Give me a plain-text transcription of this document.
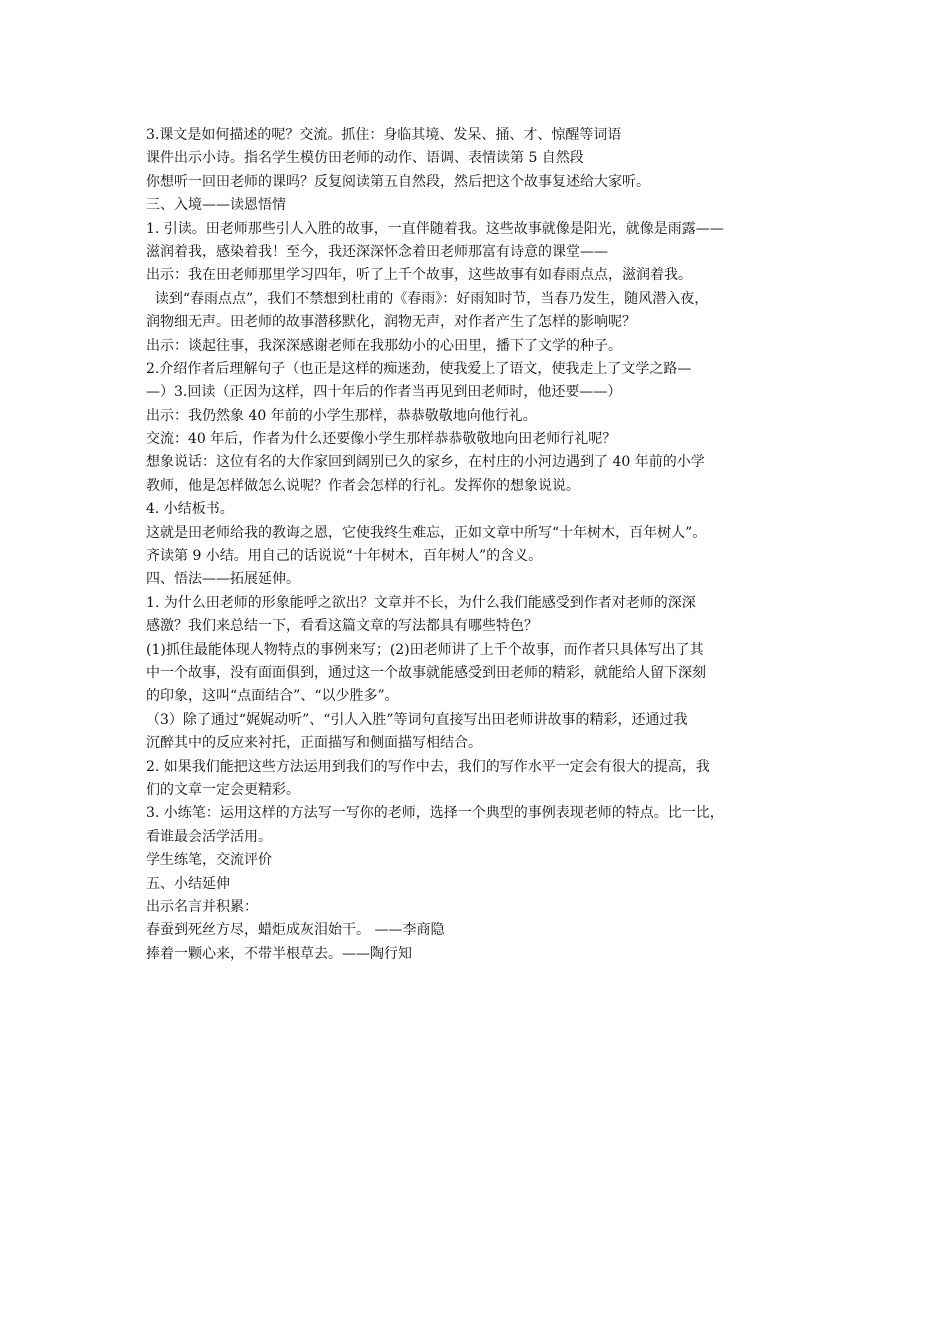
3.课文是如何描述的呢？交流。抓住：身临其境、发呆、捅、才、惊醒等词语
课件出示小诗。指名学生模仿田老师的动作、语调、表情读第 5 自然段
你想听一回田老师的课吗？反复阅读第五自然段，然后把这个故事复述给大家听。
三、入境——读恩悟情
1. 引读。田老师那些引人入胜的故事，一直伴随着我。这些故事就像是阳光，就像是雨露——
滋润着我，感染着我！至今，我还深深怀念着田老师那富有诗意的课堂——
出示：我在田老师那里学习四年，听了上千个故事，这些故事有如春雨点点，滋润着我。
读到“春雨点点”，我们不禁想到杜甫的《春雨》：好雨知时节，当春乃发生，随风潜入夜，
润物细无声。田老师的故事潜移默化，润物无声，对作者产生了怎样的影响呢？
出示：谈起往事，我深深感谢老师在我那幼小的心田里，播下了文学的种子。
2.介绍作者后理解句子（也正是这样的痴迷劲，使我爱上了语文，使我走上了文学之路—
—）3.回读（正因为这样，四十年后的作者当再见到田老师时，他还要——）
出示：我仍然象 40 年前的小学生那样，恭恭敬敬地向他行礼。
交流：40 年后，作者为什么还要像小学生那样恭恭敬敬地向田老师行礼呢？
想象说话：这位有名的大作家回到阔别已久的家乡，在村庄的小河边遇到了 40 年前的小学
教师，他是怎样做怎么说呢？作者会怎样的行礼。发挥你的想象说说。
4. 小结板书。
这就是田老师给我的教诲之恩，它使我终生难忘，正如文章中所写“十年树木，百年树人”。
齐读第 9 小结。用自己的话说说“十年树木，百年树人”的含义。
四、悟法——拓展延伸。
1. 为什么田老师的形象能呼之欲出？文章并不长，为什么我们能感受到作者对老师的深深
感激？我们来总结一下，看看这篇文章的写法都具有哪些特色？
(1)抓住最能体现人物特点的事例来写；(2)田老师讲了上千个故事，而作者只具体写出了其
中一个故事，没有面面俱到，通过这一个故事就能感受到田老师的精彩，就能给人留下深刻
的印象，这叫“点面结合”、“以少胜多”。
（3）除了通过“娓娓动听”、“引人入胜”等词句直接写出田老师讲故事的精彩，还通过我
沉醉其中的反应来衬托，正面描写和侧面描写相结合。
2. 如果我们能把这些方法运用到我们的写作中去，我们的写作水平一定会有很大的提高，我
们的文章一定会更精彩。
3. 小练笔：运用这样的方法写一写你的老师，选择一个典型的事例表现老师的特点。比一比，
看谁最会活学活用。
学生练笔，交流评价
五、小结延伸
出示名言并积累：
春蚕到死丝方尽，蜡炬成灰泪始干。 ——李商隐
捧着一颗心来，不带半根草去。——陶行知
